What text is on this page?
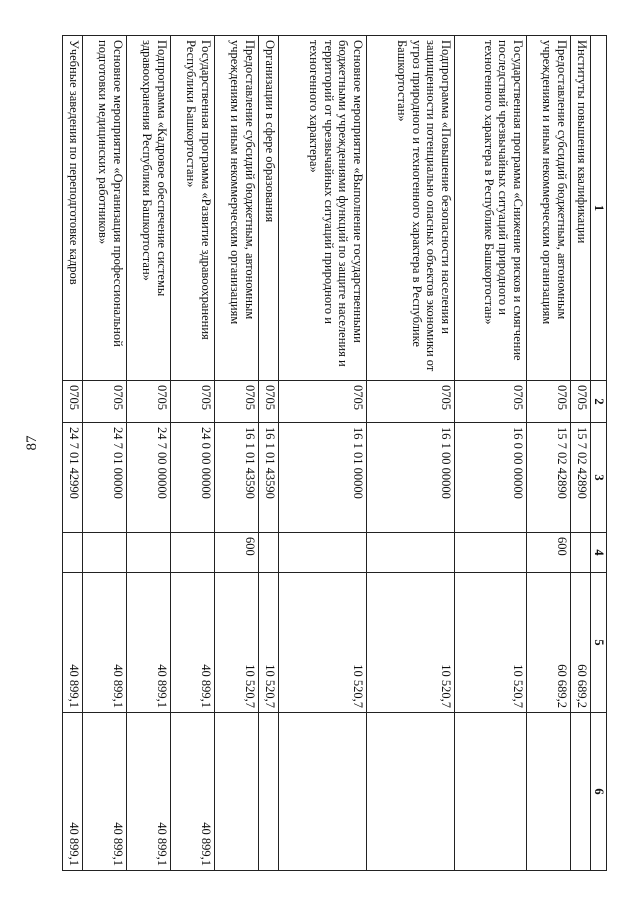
87
1	2	3	4	5	6
Институты повышения квалификации	0705	15 7 02 42890		60 689,2	
Предоставление субсидий бюджетным, автономным учреждениям и иным некоммерческим организациям	0705	15 7 02 42890	600	60 689,2	
Государственная программа «Снижение рисков и смягчение последствий чрезвычайных ситуаций природного и техногенного характера в Республике Башкортостан»	0705	16 0 00 00000		10 520,7	
Подпрограмма «Повышение безопасности населения и защищенности потенциально опасных объектов экономики от угроз природного и техногенного характера в Республике Башкортостан»	0705	16 1 00 00000		10 520,7	
Основное мероприятие «Выполнение государственными бюджетными учреждениями функций по защите населения и территорий от чрезвычайных ситуаций природного и техногенного характера»	0705	16 1 01 00000		10 520,7	
Организации в сфере образования	0705	16 1 01 43590		10 520,7	
Предоставление субсидий бюджетным, автономным учреждениям и иным некоммерческим организациям	0705	16 1 01 43590	600	10 520,7	
Государственная программа «Развитие здравоохранения Республики Башкортостан»	0705	24 0 00 00000		40 899,1	40 899,1
Подпрограмма «Кадровое обеспечение системы здравоохранения Республики Башкортостан»	0705	24 7 00 00000		40 899,1	40 899,1
Основное мероприятие «Организация профессиональной подготовки медицинских работников»	0705	24 7 01 00000		40 899,1	40 899,1
Учебные заведения по переподготовке кадров	0705	24 7 01 42990		40 899,1	40 899,1
